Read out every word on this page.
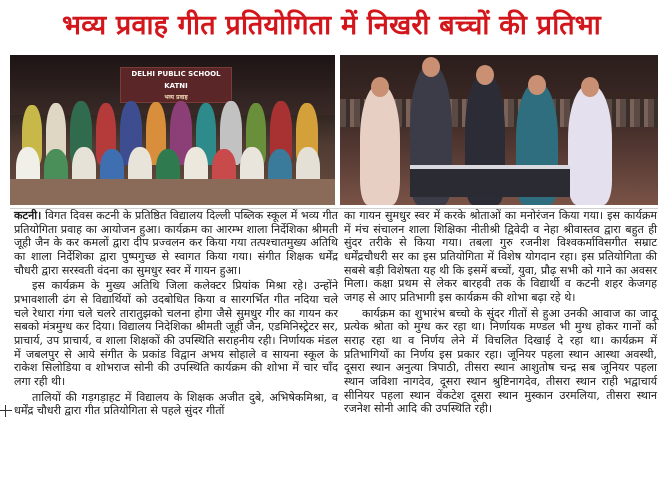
भव्य प्रवाह गीत प्रतियोगिता में निखरी बच्चों की प्रतिभा
DELHI PUBLIC SCHOOL KATNI
भव्य प्रवाह

कटनी। विगत दिवस कटनी के प्रतिष्ठित विद्यालय दिल्ली पब्लिक स्कूल में भव्य गीत प्रतियोगिता प्रवाह का आयोजन हुआ। कार्यक्रम का आरम्भ शाला निर्देशिका श्रीमती जूही जैन के कर कमलों द्वारा दीप प्रज्वलन कर किया गया तत्पश्चातमुख्य अतिथि का शाला निर्देशिका द्वारा पुष्पगुच्छ से स्वागत किया गया। संगीत शिक्षक धर्मेंद्र चौधरी द्वारा सरस्वती वंदना का सुमधुर स्वर में गायन हुआ।

इस कार्यक्रम के मुख्य अतिथि जिला कलेक्टर प्रियांक मिश्रा रहे। उन्होंने प्रभावशाली ढंग से विद्यार्थियों को उदबोधित किया व सारगर्भित गीत नदिया चले चले रेधारा गंगा चले चलरे तारातुझको चलना होगा जैसे सुमधुर गीर का गायन कर सबको मंत्रमुग्ध कर दिया। विद्यालय निदेशिका श्रीमती जूही जैन, एडमिनिस्ट्रेटर सर, प्राचार्य, उप प्राचार्य, व शाला शिक्षकों की उपस्थिति सराहनीय रही। निर्णायक मंडल में जबलपुर से आये संगीत के प्रकांड विद्वान अभय सोहाले व सायना स्कूल के राकेश सिलोडिया व शोभराज सोनी की उपस्थिति कार्यक्रम की शोभा में चार चाँद लगा रही थी।

तालियों की गड़गड़ाहट में विद्यालय के शिक्षक अजीत दुबे, अभिषेकमिश्रा, व धर्मेंद्र चौधरी द्वारा गीत प्रतियोगिता से पहले सुंदर गीतों

का गायन सुमधुर स्वर में करके श्रोताओं का मनोरंजन किया गया। इस कार्यक्रम में मंच संचालन शाला शिक्षिका नीतीश्री द्विवेदी व नेहा श्रीवास्तव द्वारा बहुत ही सुंदर तरीके से किया गया। तबला गुरु रजनीश विश्वकर्माविसगीत सम्राट धर्मेंद्रचौधरी सर का इस प्रतियोगिता में विशेष योगदान रहा। इस प्रतियोगिता की सबसे बड़ी विशेषता यह थी कि इसमें बच्चों, युवा, प्रौढ़ सभी को गाने का अवसर मिला। कक्षा प्रथम से लेकर बारहवी तक के विद्यार्थी व कटनी शहर केजगह जगह से आए प्रतिभागी इस कार्यक्रम की शोभा बढ़ा रहे थे।

कार्यक्रम का शुभारंभ बच्चो के सुंदर गीतों से हुआ उनकी आवाज का जादू प्रत्येक श्रोता को मुग्ध कर रहा था। निर्णायक मण्डल भी मुग्ध होकर गानों को सराह रहा था व निर्णय लेने में विचलित दिखाई दे रहा था। कार्यक्रम में प्रतिभागियों का निर्णय इस प्रकार रहा। जूनियर पहला स्थान आस्था अवस्थी, दूसरा स्थान अनुत्या त्रिपाठी, तीसरा स्थान आशुतोष चन्द्र सब जूनियर पहला स्थान जविशा नागदेव, दूसरा स्थान श्रुष्टिनागदेव, तीसरा स्थान राही भद्वाचार्य सीनियर पहला स्थान वेंकटेश दूसरा स्थान मुस्कान उरमलिया, तीसरा स्थान रजनेश सोनी आदि की उपस्थिति रही।
